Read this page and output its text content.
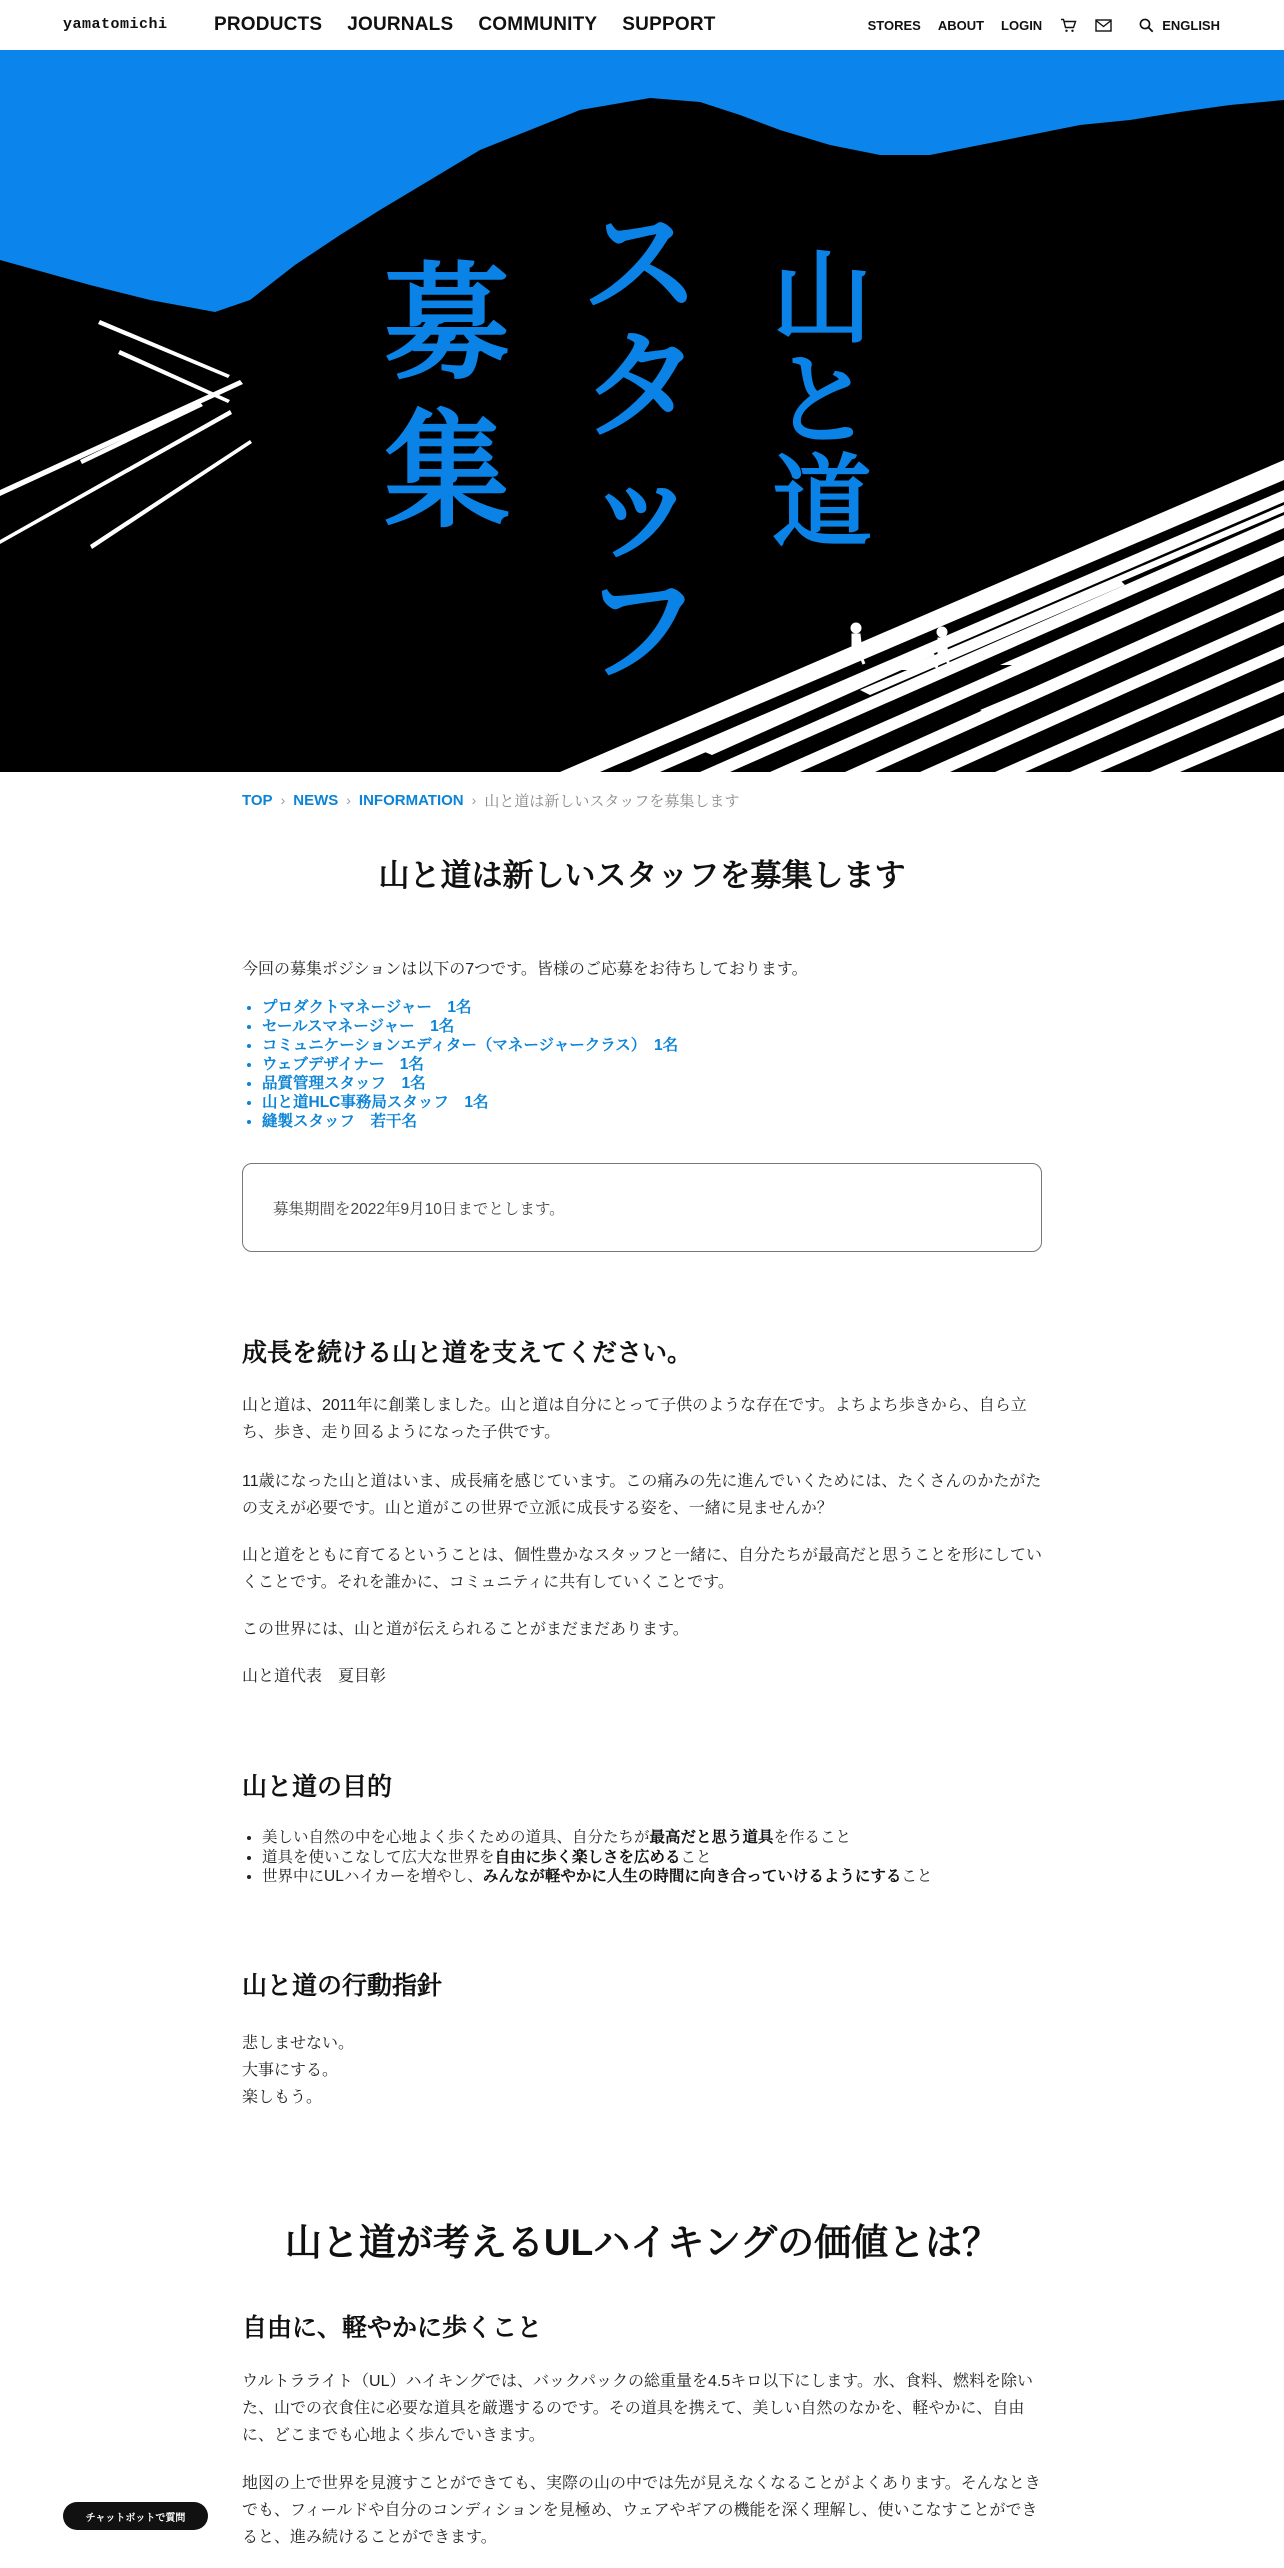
yamatomichi PRODUCTS JOURNALS COMMUNITY SUPPORT	STORES ABOUT LOGIN	ENGLISH
山
と
道
ス
タ
ッ
フ
募
集
TOP › NEWS › INFORMATION › 山と道は新しいスタッフを募集します
山と道は新しいスタッフを募集します

今回の募集ポジションは以下の7つです。皆様のご応募をお待ちしております。

• プロダクトマネージャー　1名
• セールスマネージャー　1名
• コミュニケーションエディター（マネージャークラス）　1名
• ウェブデザイナー　1名
• 品質管理スタッフ　1名
• 山と道HLC事務局スタッフ　1名
• 縫製スタッフ　若干名
募集期間を2022年9月10日までとします。
成長を続ける山と道を支えてください。

山と道は、2011年に創業しました。山と道は自分にとって子供のような存在です。よちよち歩きから、自ら立ち、歩き、走り回るようになった子供です。

11歳になった山と道はいま、成長痛を感じています。この痛みの先に進んでいくためには、たくさんのかたがたの支えが必要です。山と道がこの世界で立派に成長する姿を、一緒に見ませんか？

山と道をともに育てるということは、個性豊かなスタッフと一緒に、自分たちが最高だと思うことを形にしていくことです。それを誰かに、コミュニティに共有していくことです。

この世界には、山と道が伝えられることがまだまだあります。

山と道代表　夏目彰

山と道の目的
• 美しい自然の中を心地よく歩くための道具、自分たちが最高だと思う道具を作ること
• 道具を使いこなして広大な世界を自由に歩く楽しさを広めること
• 世界中にULハイカーを増やし、みんなが軽やかに人生の時間に向き合っていけるようにすること
山と道の行動指針

悲しませない。

大事にする。

楽しもう。

山と道が考えるULハイキングの価値とは？
自由に、軽やかに歩くこと

ウルトラライト（UL）ハイキングでは、バックパックの総重量を4.5キロ以下にします。水、食料、燃料を除いた、山での衣食住に必要な道具を厳選するのです。その道具を携えて、美しい自然のなかを、軽やかに、自由に、どこまでも心地よく歩んでいきます。

地図の上で世界を見渡すことができても、実際の山の中では先が見えなくなることがよくあります。そんなときでも、フィールドや自分のコンディションを見極め、ウェアやギアの機能を深く理解し、使いこなすことができると、進み続けることができます。

チャットボットで質問
